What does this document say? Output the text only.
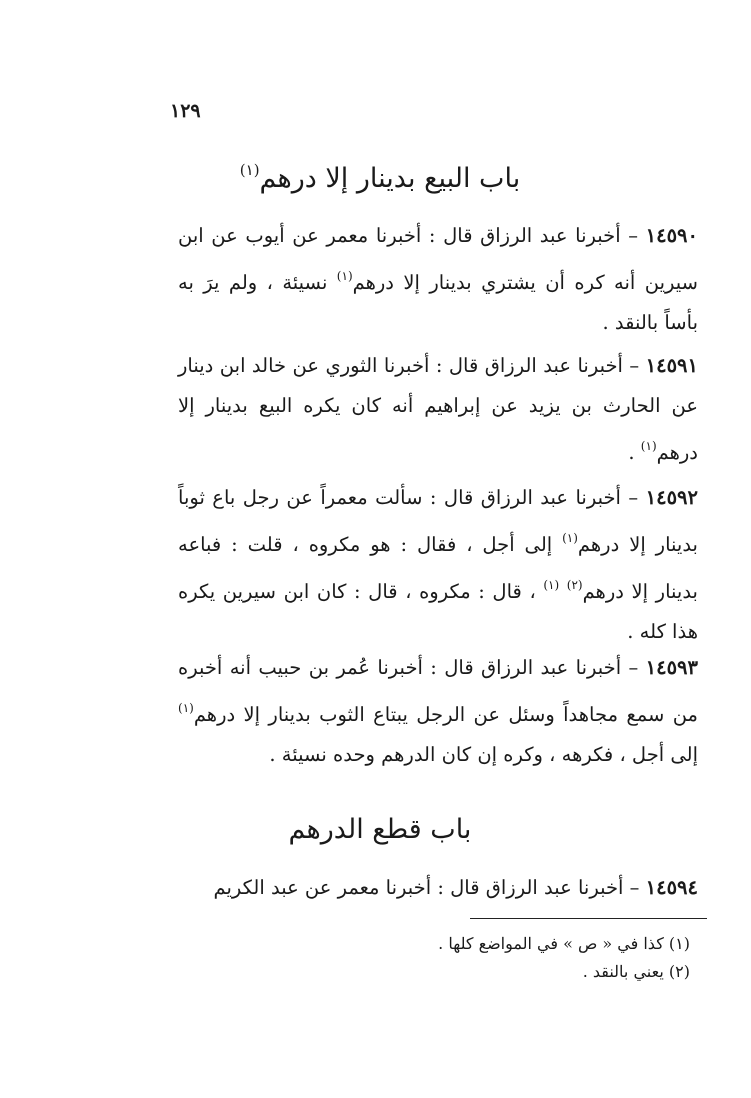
١٢٩
باب البيع بدينار إلا درهم$^{(١)}$
١٤٥٩٠ – أخبرنا عبد الرزاق قال : أخبرنا معمر عن أيوب عن ابن سيرين أنه كره أن يشتري بدينار إلا درهم$^{(١)}$ نسيئة ، ولم يرَ به بأساً بالنقد .
١٤٥٩١ – أخبرنا عبد الرزاق قال : أخبرنا الثوري عن خالد ابن دينار عن الحارث بن يزيد عن إبراهيم أنه كان يكره البيع بدينار إلا درهم$^{(١)}$ .
١٤٥٩٢ – أخبرنا عبد الرزاق قال : سألت معمراً عن رجل باع ثوباً بدينار إلا درهم$^{(١)}$ إلى أجل ، فقال : هو مكروه ، قلت : فباعه بدينار إلا درهم$^{(٢)}$ $^{(١)}$ ، قال : مكروه ، قال : كان ابن سيرين يكره هذا كله .
١٤٥٩٣ – أخبرنا عبد الرزاق قال : أخبرنا عُمر بن حبيب أنه أخبره من سمع مجاهداً وسئل عن الرجل يبتاع الثوب بدينار إلا درهم$^{(١)}$ إلى أجل ، فكرهه ، وكره إن كان الدرهم وحده نسيئة .
باب قطع الدرهم
١٤٥٩٤ – أخبرنا عبد الرزاق قال : أخبرنا معمر عن عبد الكريم
(١) كذا في « ص » في المواضع كلها .
(٢) يعني بالنقد .
